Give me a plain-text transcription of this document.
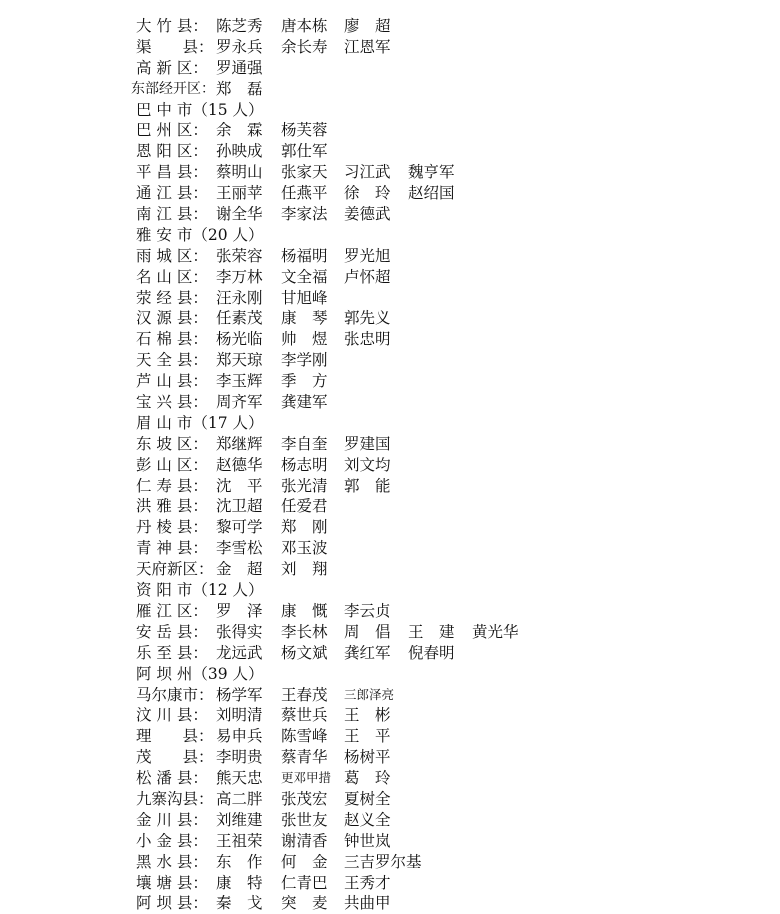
大 竹 县： 陈芝秀 唐本栋 廖　超
渠　　县： 罗永兵 余长寿 江恩军
高 新 区： 罗通强
东部经开区： 郑　磊
巴 中 市（15 人）
巴 州 区： 余　霖 杨芙蓉
恩 阳 区： 孙映成 郭仕军
平 昌 县： 蔡明山 张家天 习江武 魏亨军
通 江 县： 王丽苹 任燕平 徐　玲 赵绍国
南 江 县： 谢全华 李家法 姜德武
雅 安 市（20 人）
雨 城 区： 张荣容 杨福明 罗光旭
名 山 区： 李万林 文全福 卢怀超
荥 经 县： 汪永刚 甘旭峰
汉 源 县： 任素茂 康　琴 郭先义
石 棉 县： 杨光临 帅　煜 张忠明
天 全 县： 郑天琼 李学刚
芦 山 县： 李玉辉 季　方
宝 兴 县： 周齐军 龚建军
眉 山 市（17 人）
东 坡 区： 郑继辉 李自奎 罗建国
彭 山 区： 赵德华 杨志明 刘文均
仁 寿 县： 沈　平 张光清 郭　能
洪 雅 县： 沈卫超 任爱君
丹 棱 县： 黎可学 郑　刚
青 神 县： 李雪松 邓玉波
天府新区： 金　超 刘　翔
资 阳 市（12 人）
雁 江 区： 罗　泽 康　慨 李云贞
安 岳 县： 张得实 李长林 周　倡 王　建 黄光华
乐 至 县： 龙远武 杨文斌 龚红军 倪春明
阿 坝 州（39 人）
马尔康市： 杨学军 王春茂 三郎泽亮
汶 川 县： 刘明清 蔡世兵 王　彬
理　　县： 易申兵 陈雪峰 王　平
茂　　县： 李明贵 蔡青华 杨树平
松 潘 县： 熊天忠 更邓甲措 葛　玲
九寨沟县： 高二胖 张茂宏 夏树全
金 川 县： 刘维建 张世友 赵义全
小 金 县： 王祖荣 谢清香 钟世岚
黑 水 县： 东　作 何　金 三吉罗尔基
壤 塘 县： 康　特 仁青巴 王秀才
阿 坝 县： 秦　戈 突　麦 共曲甲
